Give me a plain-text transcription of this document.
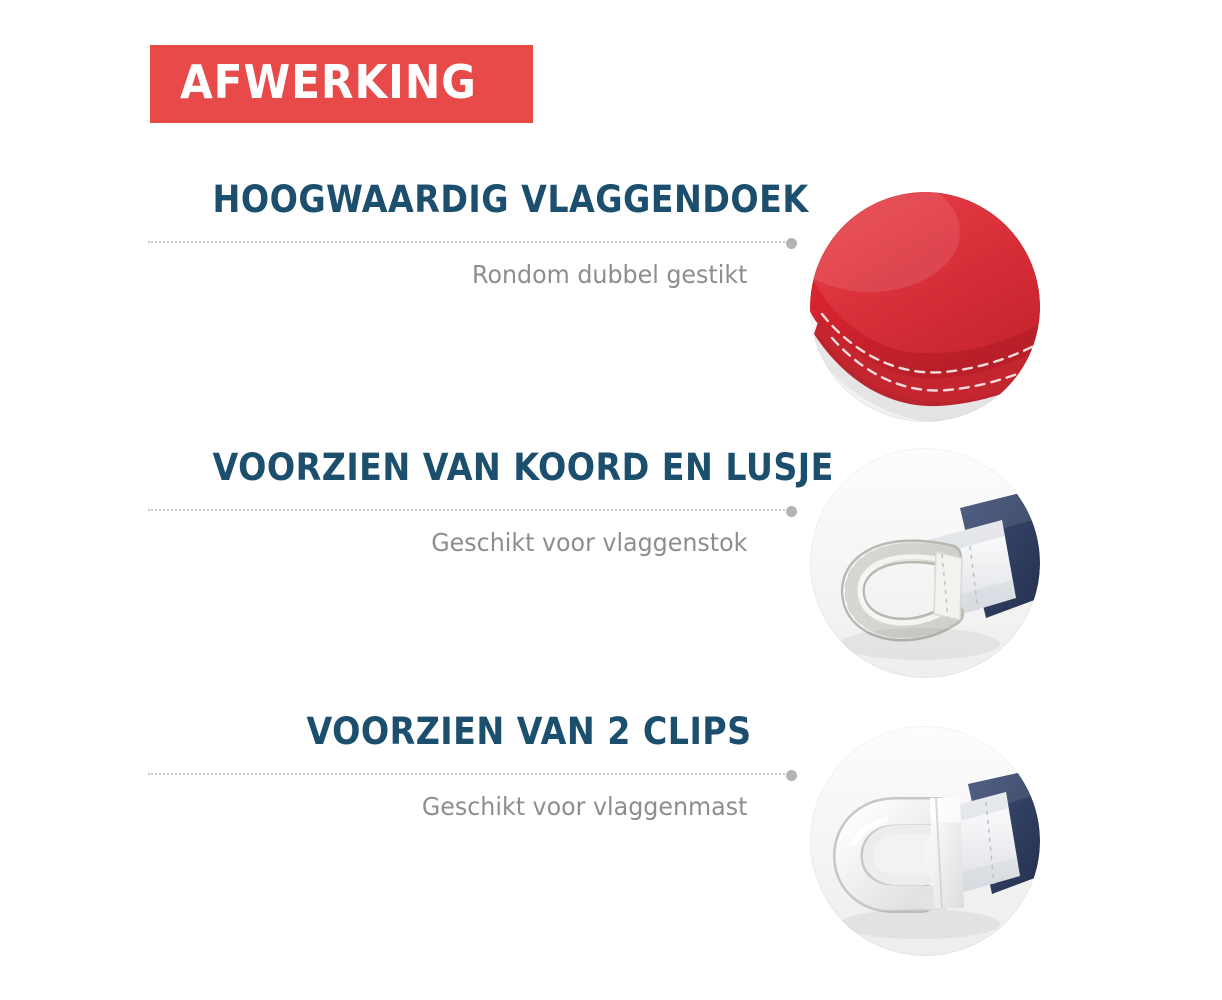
AFWERKING
HOOGWAARDIG VLAGGENDOEK
Rondom dubbel gestikt
VOORZIEN VAN KOORD EN LUSJE
Geschikt voor vlaggenstok
VOORZIEN VAN 2 CLIPS
Geschikt voor vlaggenmast
